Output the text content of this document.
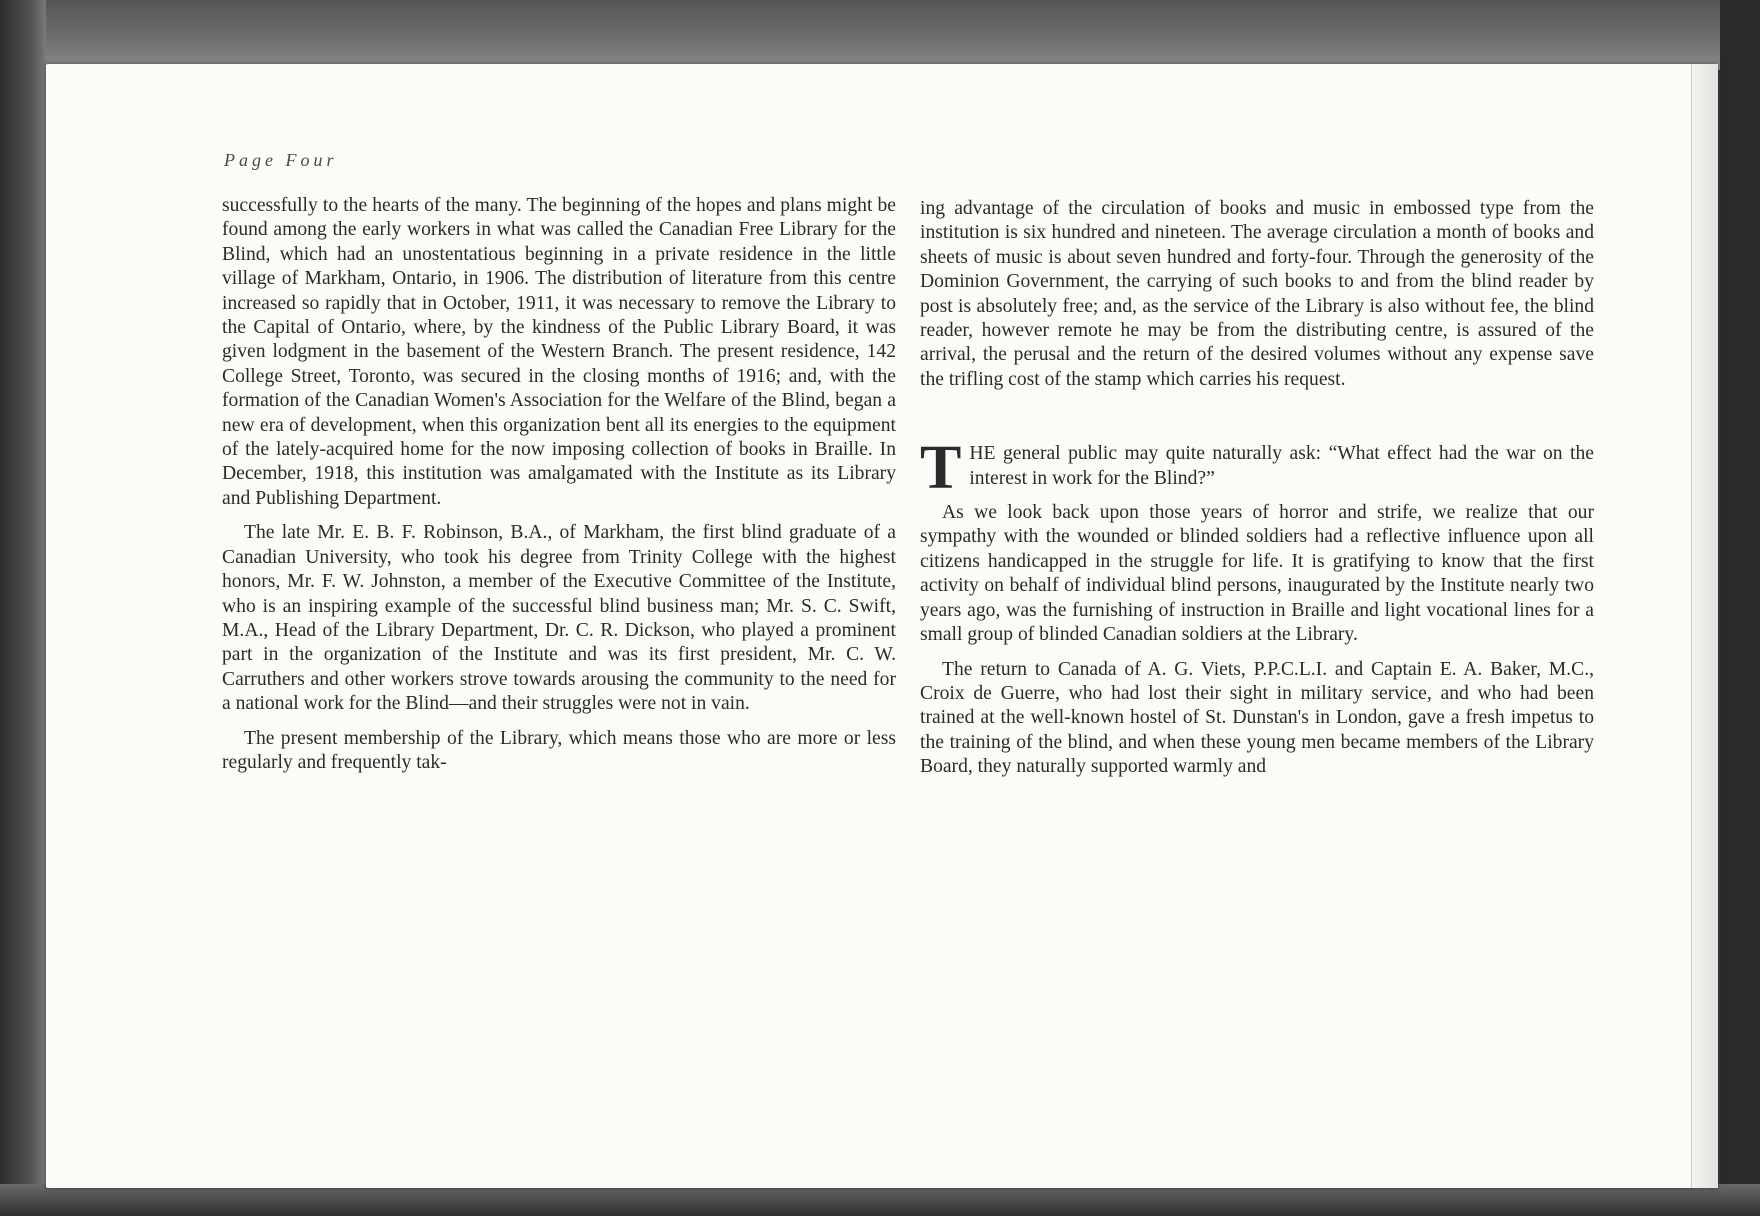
Page Four

successfully to the hearts of the many. The beginning of the hopes and plans might be found among the early workers in what was called the Canadian Free Library for the Blind, which had an unostentatious beginning in a private residence in the little village of Markham, Ontario, in 1906. The distribution of literature from this centre increased so rapidly that in October, 1911, it was necessary to remove the Library to the Capital of Ontario, where, by the kindness of the Public Library Board, it was given lodgment in the basement of the Western Branch. The present residence, 142 College Street, Toronto, was secured in the closing months of 1916; and, with the formation of the Canadian Women's Association for the Welfare of the Blind, began a new era of development, when this organization bent all its energies to the equipment of the lately-acquired home for the now imposing collection of books in Braille. In December, 1918, this institution was amalgamated with the Institute as its Library and Publishing Department.

The late Mr. E. B. F. Robinson, B.A., of Markham, the first blind graduate of a Canadian University, who took his degree from Trinity College with the highest honors, Mr. F. W. Johnston, a member of the Executive Committee of the Institute, who is an inspiring example of the successful blind business man; Mr. S. C. Swift, M.A., Head of the Library Department, Dr. C. R. Dickson, who played a prominent part in the organization of the Institute and was its first president, Mr. C. W. Carruthers and other workers strove towards arousing the community to the need for a national work for the Blind—and their struggles were not in vain.

The present membership of the Library, which means those who are more or less regularly and frequently tak-

ing advantage of the circulation of books and music in embossed type from the institution is six hundred and nineteen. The average circulation a month of books and sheets of music is about seven hundred and forty-four. Through the generosity of the Dominion Government, the carrying of such books to and from the blind reader by post is absolutely free; and, as the service of the Library is also without fee, the blind reader, however remote he may be from the distributing centre, is assured of the arrival, the perusal and the return of the desired volumes without any expense save the trifling cost of the stamp which carries his request.

THE general public may quite naturally ask: “What effect had the war on the interest in work for the Blind?”

As we look back upon those years of horror and strife, we realize that our sympathy with the wounded or blinded soldiers had a reflective influence upon all citizens handicapped in the struggle for life. It is gratifying to know that the first activity on behalf of individual blind persons, inaugurated by the Institute nearly two years ago, was the furnishing of instruction in Braille and light vocational lines for a small group of blinded Canadian soldiers at the Library.

The return to Canada of A. G. Viets, P.P.C.L.I. and Captain E. A. Baker, M.C., Croix de Guerre, who had lost their sight in military service, and who had been trained at the well-known hostel of St. Dunstan's in London, gave a fresh impetus to the training of the blind, and when these young men became members of the Library Board, they naturally supported warmly and
